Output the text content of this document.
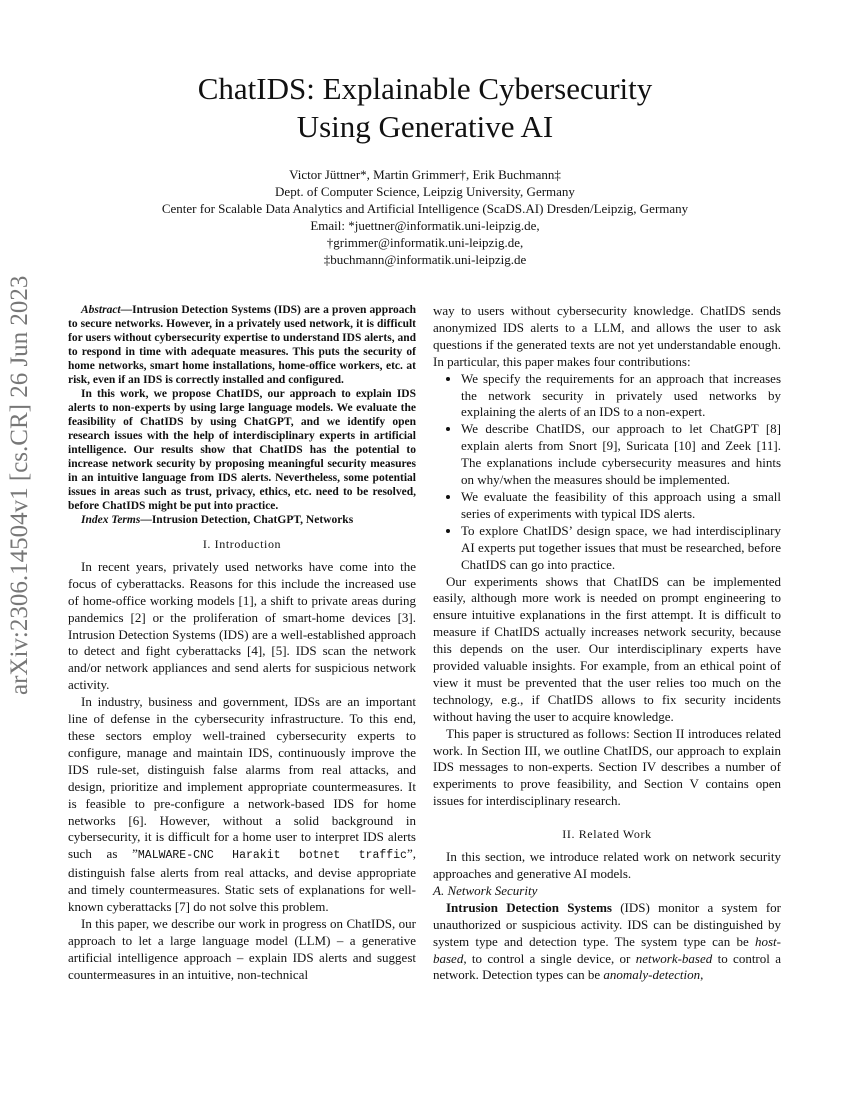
arXiv:2306.14504v1 [cs.CR] 26 Jun 2023
ChatIDS: Explainable Cybersecurity
Using Generative AI
Victor Jüttner*, Martin Grimmer†, Erik Buchmann‡
Dept. of Computer Science, Leipzig University, Germany
Center for Scalable Data Analytics and Artificial Intelligence (ScaDS.AI) Dresden/Leipzig, Germany
Email: *juettner@informatik.uni-leipzig.de,
†grimmer@informatik.uni-leipzig.de,
‡buchmann@informatik.uni-leipzig.de

Abstract—Intrusion Detection Systems (IDS) are a proven approach to secure networks. However, in a privately used network, it is difficult for users without cybersecurity expertise to understand IDS alerts, and to respond in time with adequate measures. This puts the security of home networks, smart home installations, home-office workers, etc. at risk, even if an IDS is correctly installed and configured.

In this work, we propose ChatIDS, our approach to explain IDS alerts to non-experts by using large language models. We evaluate the feasibility of ChatIDS by using ChatGPT, and we identify open research issues with the help of interdisciplinary experts in artificial intelligence. Our results show that ChatIDS has the potential to increase network security by proposing meaningful security measures in an intuitive language from IDS alerts. Nevertheless, some potential issues in areas such as trust, privacy, ethics, etc. need to be resolved, before ChatIDS might be put into practice.

Index Terms—Intrusion Detection, ChatGPT, Networks

I. Introduction

In recent years, privately used networks have come into the focus of cyberattacks. Reasons for this include the increased use of home-office working models [1], a shift to private areas during pandemics [2] or the proliferation of smart-home devices [3]. Intrusion Detection Systems (IDS) are a well-established approach to detect and fight cyberattacks [4], [5]. IDS scan the network and/or network appliances and send alerts for suspicious network activity.

In industry, business and government, IDSs are an important line of defense in the cybersecurity infrastructure. To this end, these sectors employ well-trained cybersecurity experts to configure, manage and maintain IDS, continuously improve the IDS rule-set, distinguish false alarms from real attacks, and design, prioritize and implement appropriate countermeasures. It is feasible to pre-configure a network-based IDS for home networks [6]. However, without a solid background in cybersecurity, it is difficult for a home user to interpret IDS alerts such as ”MALWARE-CNC Harakit botnet traffic”, distinguish false alerts from real attacks, and devise appropriate and timely countermeasures. Static sets of explanations for well-known cyberattacks [7] do not solve this problem.

In this paper, we describe our work in progress on ChatIDS, our approach to let a large language model (LLM) – a generative artificial intelligence approach – explain IDS alerts and suggest countermeasures in an intuitive, non-technical

way to users without cybersecurity knowledge. ChatIDS sends anonymized IDS alerts to a LLM, and allows the user to ask questions if the generated texts are not yet understandable enough. In particular, this paper makes four contributions:

• We specify the requirements for an approach that increases the network security in privately used networks by explaining the alerts of an IDS to a non-expert.
• We describe ChatIDS, our approach to let ChatGPT [8] explain alerts from Snort [9], Suricata [10] and Zeek [11]. The explanations include cybersecurity measures and hints on why/when the measures should be implemented.
• We evaluate the feasibility of this approach using a small series of experiments with typical IDS alerts.
• To explore ChatIDS’ design space, we had interdisciplinary AI experts put together issues that must be researched, before ChatIDS can go into practice.

Our experiments shows that ChatIDS can be implemented easily, although more work is needed on prompt engineering to ensure intuitive explanations in the first attempt. It is difficult to measure if ChatIDS actually increases network security, because this depends on the user. Our interdisciplinary experts have provided valuable insights. For example, from an ethical point of view it must be prevented that the user relies too much on the technology, e.g., if ChatIDS allows to fix security incidents without having the user to acquire knowledge.

This paper is structured as follows: Section II introduces related work. In Section III, we outline ChatIDS, our approach to explain IDS messages to non-experts. Section IV describes a number of experiments to prove feasibility, and Section V contains open issues for interdisciplinary research.

II. Related Work

In this section, we introduce related work on network security approaches and generative AI models.

A. Network Security

Intrusion Detection Systems (IDS) monitor a system for unauthorized or suspicious activity. IDS can be distinguished by system type and detection type. The system type can be host-based, to control a single device, or network-based to control a network. Detection types can be anomaly-detection,
